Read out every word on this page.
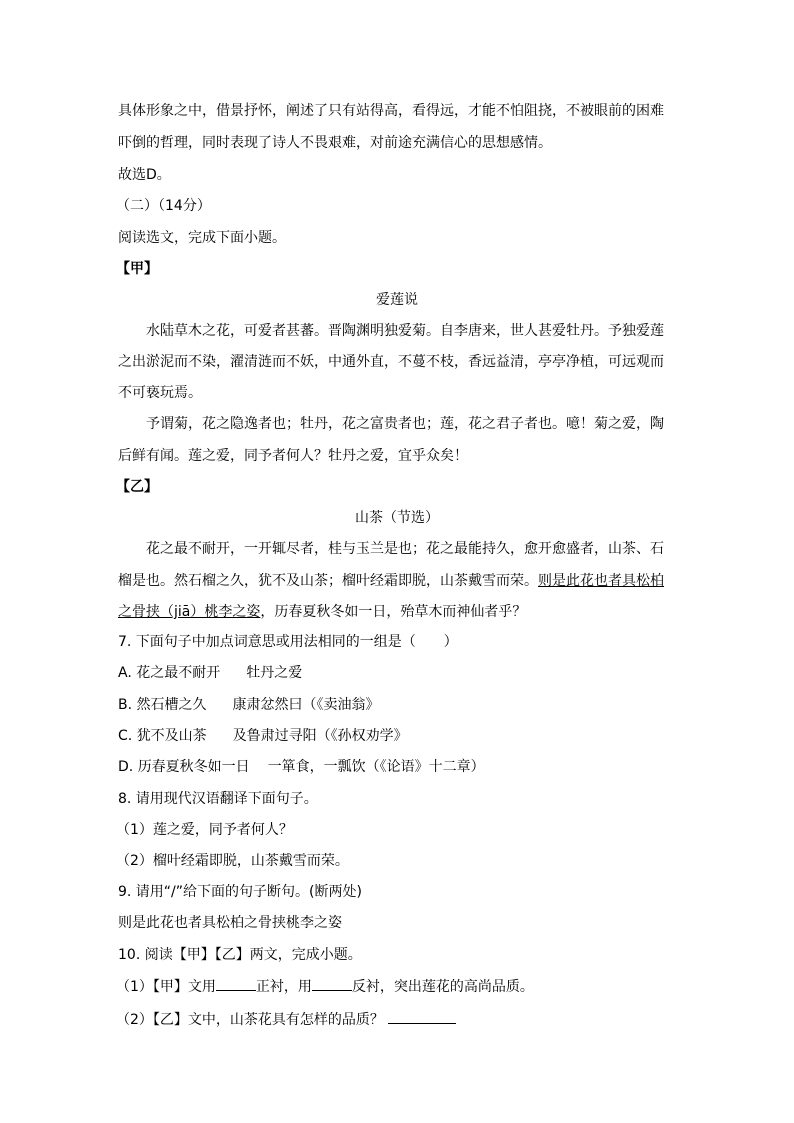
具体形象之中，借景抒怀，阐述了只有站得高，看得远，才能不怕阻挠，不被眼前的困难
吓倒的哲理，同时表现了诗人不畏艰难，对前途充满信心的思想感情。
故选D。
（二）（14分）
阅读选文，完成下面小题。
【甲】
爱莲说
水陆草木之花，可爱者甚蕃。晋陶渊明独爱菊。自李唐来，世人甚爱牡丹。予独爱莲
之出淤泥而不染，濯清涟而不妖，中通外直，不蔓不枝，香远益清，亭亭净植，可远观而
不可亵玩焉。
予谓菊，花之隐逸者也；牡丹，花之富贵者也；莲，花之君子者也。噫！菊之爱，陶
后鲜有闻。莲之爱，同予者何人？牡丹之爱，宜乎众矣！
【乙】
山茶（节选）
花之最不耐开，一开辄尽者，桂与玉兰是也；花之最能持久，愈开愈盛者，山茶、石
榴是也。然石榴之久，犹不及山茶；榴叶经霜即脱，山茶戴雪而荣。则是此花也者具松柏
之骨挟（jiā）桃李之姿，历春夏秋冬如一日，殆草木而神仙者乎？
7. 下面句子中加点词意思或用法相同的一组是（　　）
A. 花之最不耐开 牡丹之爱
B. 然石槽之久 康肃忿然曰（《卖油翁》
C. 犹不及山茶 及鲁肃过寻阳（《孙权劝学》
D. 历春夏秋冬如一日 一箪食，一瓢饮（《论语》十二章）
8. 请用现代汉语翻译下面句子。
（1）莲之爱，同予者何人？
（2）榴叶经霜即脱，山茶戴雪而荣。
9. 请用“/”给下面的句子断句。(断两处)
则是此花也者具松柏之骨挟桃李之姿
10. 阅读【甲】【乙】两文，完成小题。
（1）【甲】文用	正衬，用	反衬，突出莲花的高尚品质。
（2）【乙】文中，山茶花具有怎样的品质？
